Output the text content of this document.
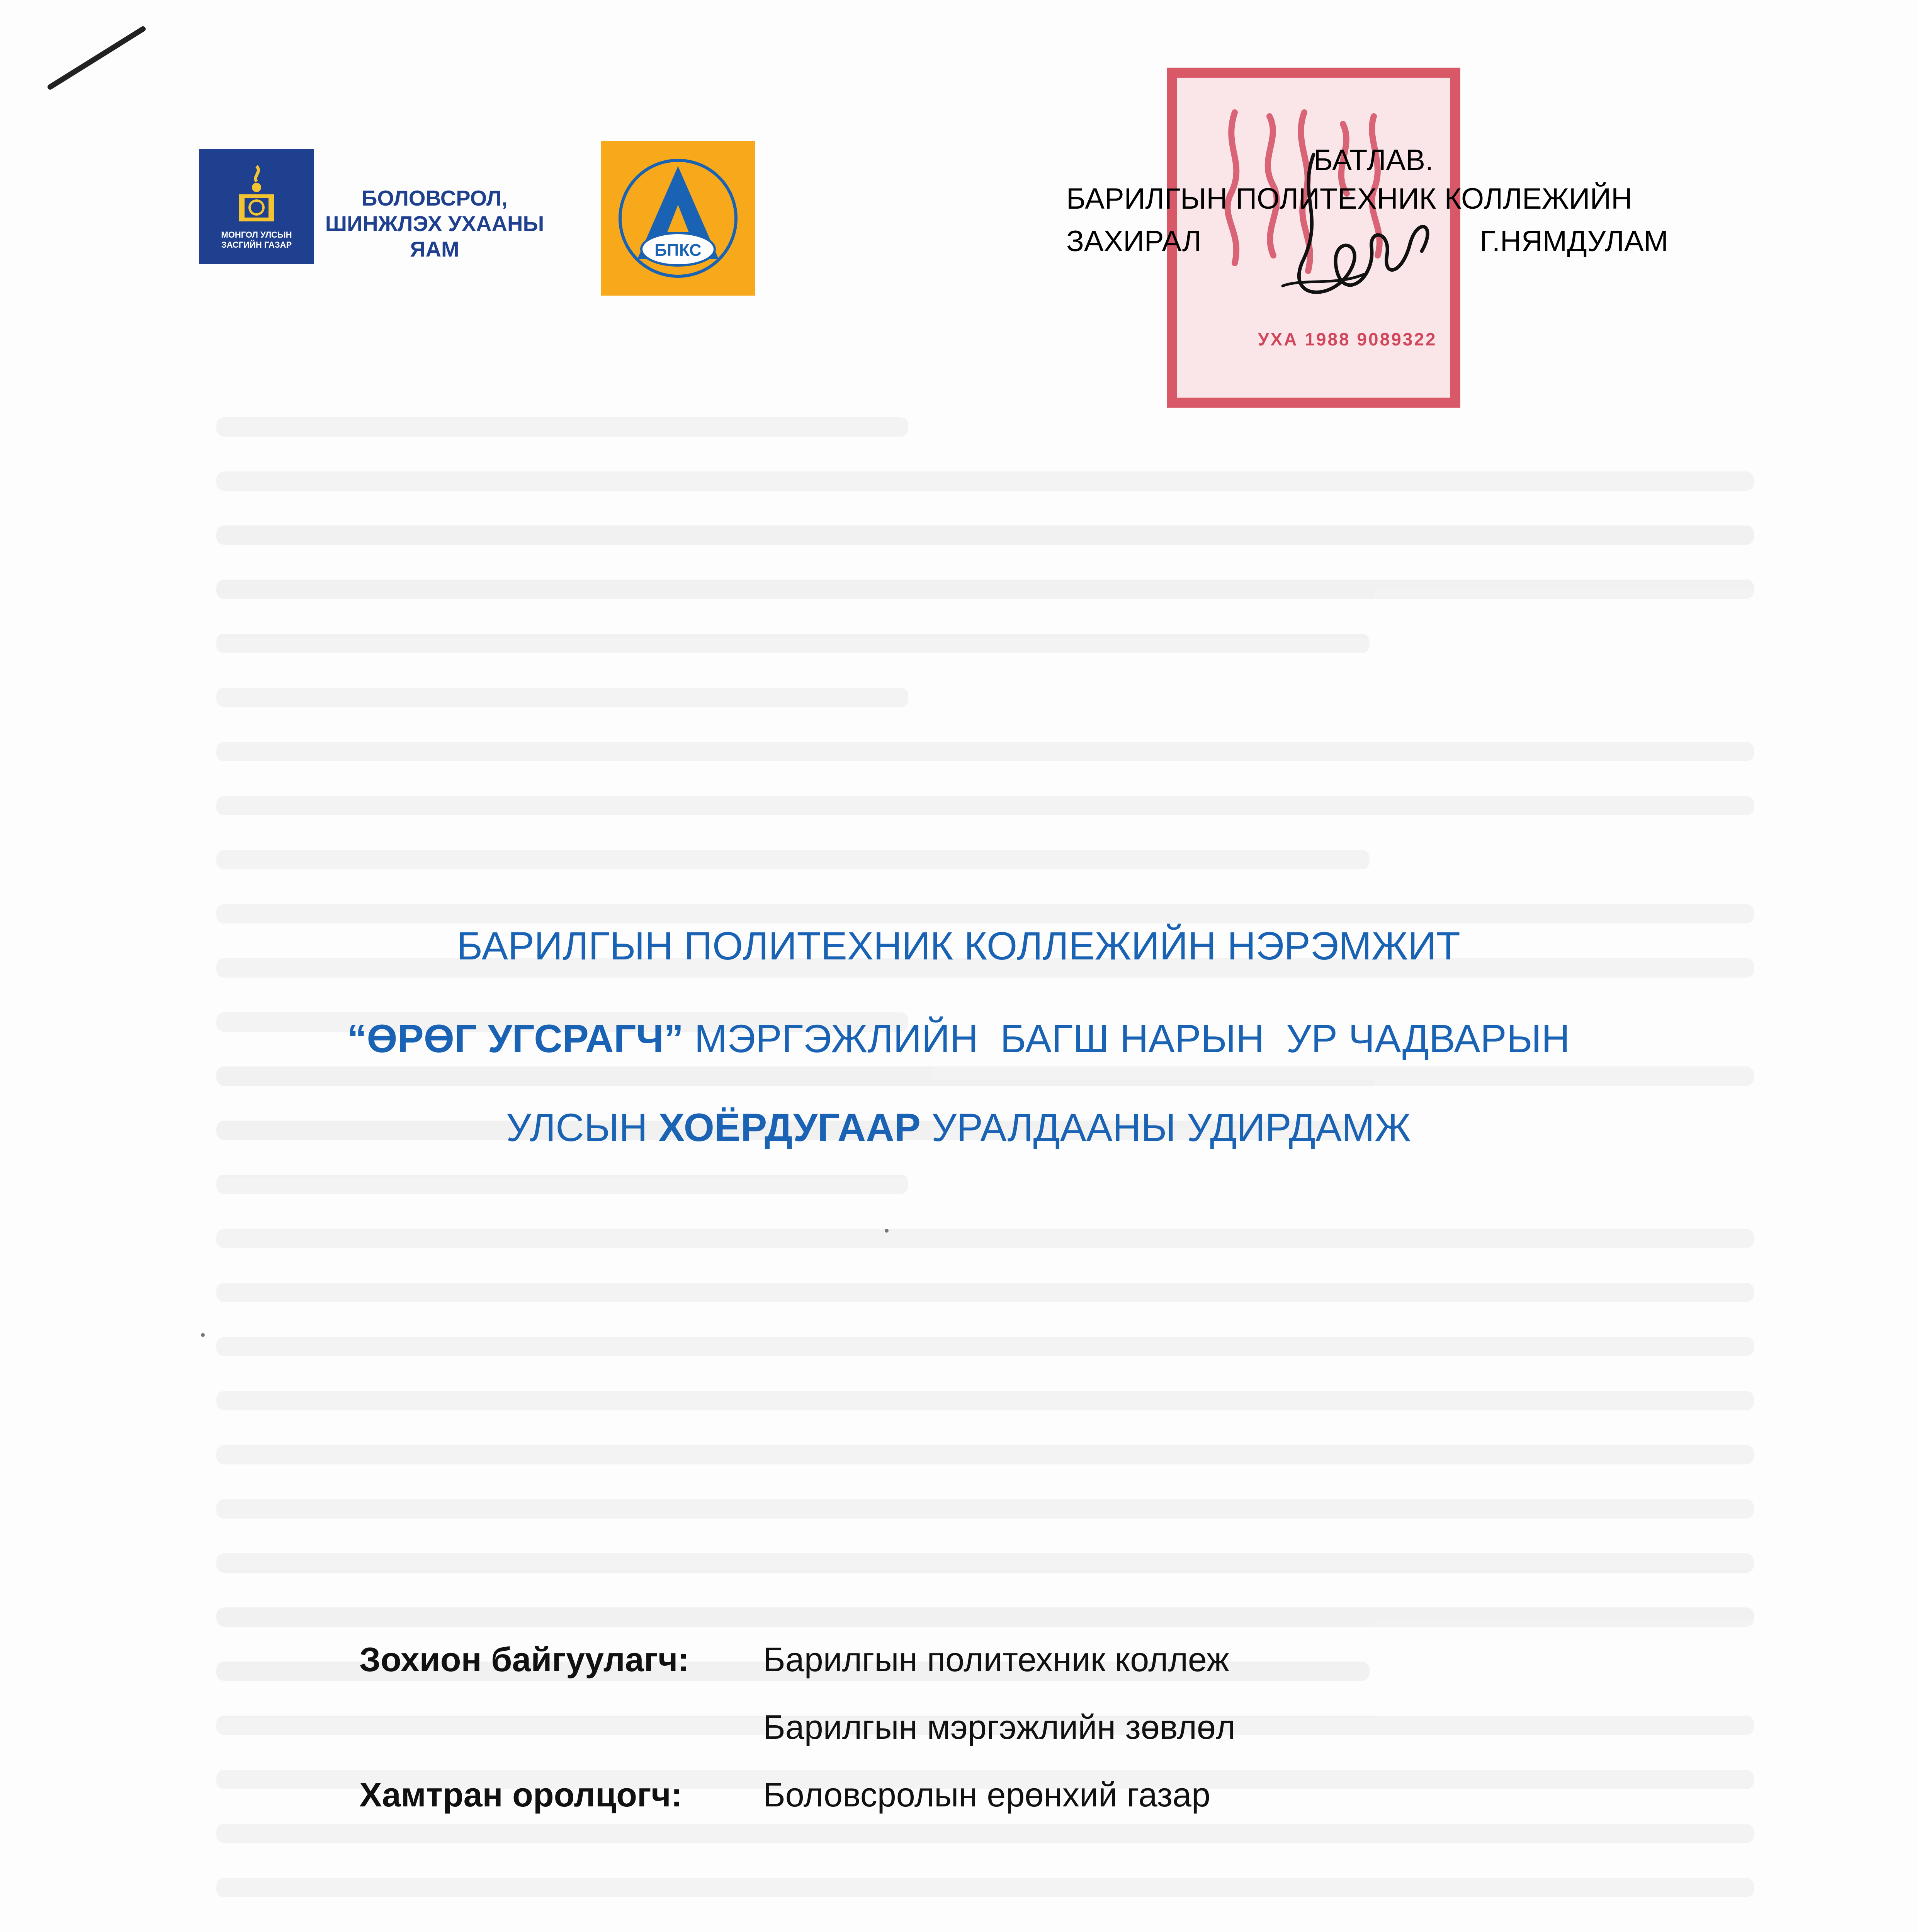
МОНГОЛ УЛСЫН
ЗАСГИЙН ГАЗАР
БОЛОВСРОЛ,
ШИНЖЛЭХ УХААНЫ
ЯАМ	БПКС
УХА 1988 9089322
БАТЛАВ.
БАРИЛГЫН ПОЛИТЕХНИК КОЛЛЕЖИЙН
ЗАХИРАЛ	Г.НЯМДУЛАМ
БАРИЛГЫН ПОЛИТЕХНИК КОЛЛЕЖИЙН НЭРЭМЖИТ
“ӨРӨГ УГСРАГЧ” МЭРГЭЖЛИЙН  БАГШ НАРЫН  УР ЧАДВАРЫН
УЛСЫН ХОЁРДУГААР УРАЛДААНЫ УДИРДАМЖ
Зохион байгуулагч: Барилгын политехник коллеж
Барилгын мэргэжлийн зөвлөл
Хамтран оролцогч: Боловсролын ерөнхий газар
